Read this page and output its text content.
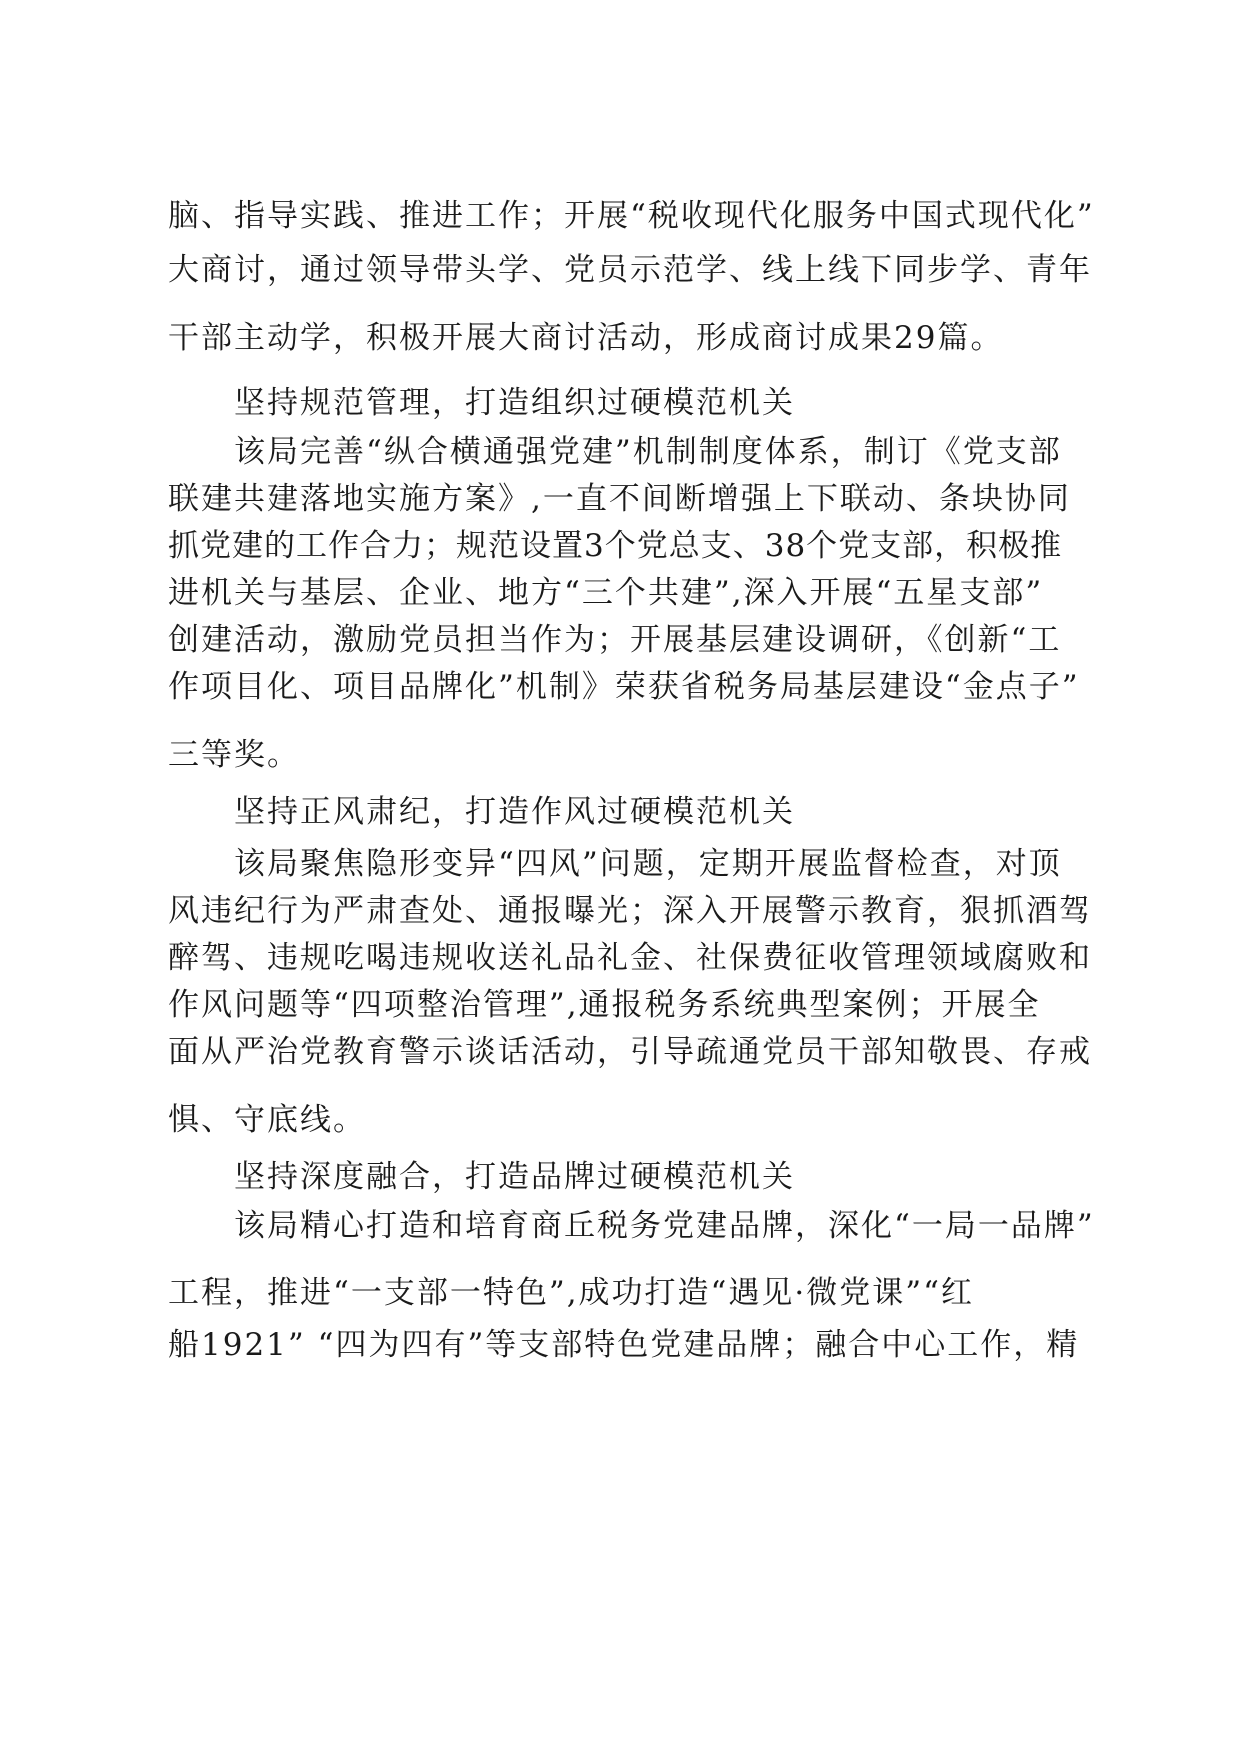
脑、指导实践、推进工作；开展“税收现代化服务中国式现代化”
大商讨，通过领导带头学、党员示范学、线上线下同步学、青年
干部主动学，积极开展大商讨活动，形成商讨成果29篇。
坚持规范管理，打造组织过硬模范机关
该局完善“纵合横通强党建”机制制度体系，制订《党支部
联建共建落地实施方案》,一直不间断增强上下联动、条块协同
抓党建的工作合力；规范设置3个党总支、38个党支部，积极推
进机关与基层、企业、地方“三个共建”,深入开展“五星支部”
创建活动，激励党员担当作为；开展基层建设调研，《创新“工
作项目化、项目品牌化”机制》荣获省税务局基层建设“金点子”
三等奖。
坚持正风肃纪，打造作风过硬模范机关
该局聚焦隐形变异“四风”问题，定期开展监督检查，对顶
风违纪行为严肃查处、通报曝光；深入开展警示教育，狠抓酒驾
醉驾、违规吃喝违规收送礼品礼金、社保费征收管理领域腐败和
作风问题等“四项整治管理”,通报税务系统典型案例；开展全
面从严治党教育警示谈话活动，引导疏通党员干部知敬畏、存戒
惧、守底线。
坚持深度融合，打造品牌过硬模范机关
该局精心打造和培育商丘税务党建品牌，深化“一局一品牌”
工程，推进“一支部一特色”,成功打造“遇见·微党课”“红
船1921” “四为四有”等支部特色党建品牌；融合中心工作，精
